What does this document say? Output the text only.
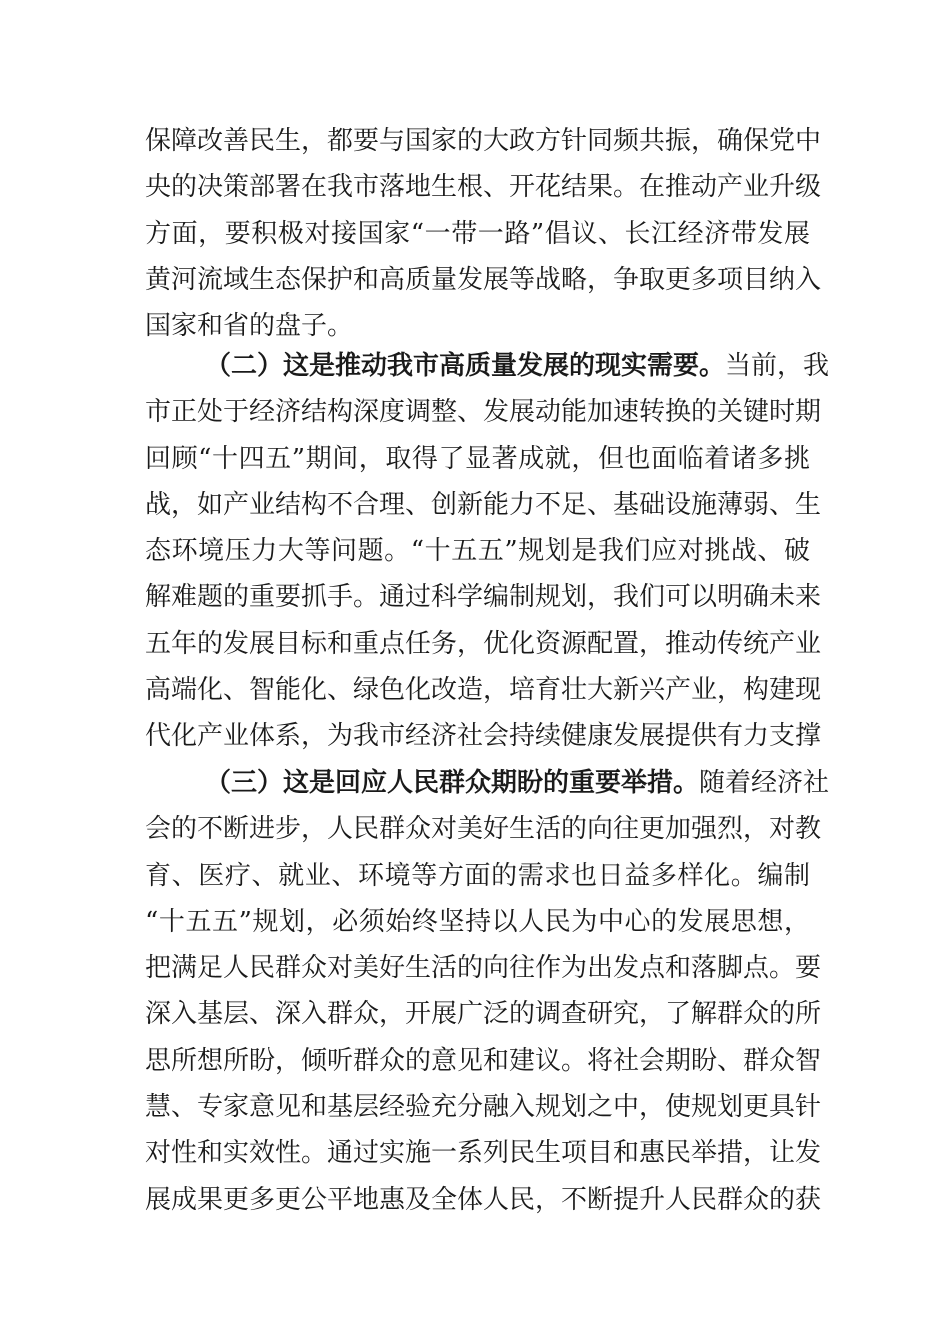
保障改善民生，都要与国家的大政方针同频共振，确保党中
央的决策部署在我市落地生根、开花结果。在推动产业升级
方面，要积极对接国家“一带一路”倡议、长江经济带发展
黄河流域生态保护和高质量发展等战略，争取更多项目纳入
国家和省的盘子。
（二）这是推动我市高质量发展的现实需要。当前，我
市正处于经济结构深度调整、发展动能加速转换的关键时期
回顾“十四五”期间，取得了显著成就，但也面临着诸多挑
战，如产业结构不合理、创新能力不足、基础设施薄弱、生
态环境压力大等问题。“十五五”规划是我们应对挑战、破
解难题的重要抓手。通过科学编制规划，我们可以明确未来
五年的发展目标和重点任务，优化资源配置，推动传统产业
高端化、智能化、绿色化改造，培育壮大新兴产业，构建现
代化产业体系，为我市经济社会持续健康发展提供有力支撑
（三）这是回应人民群众期盼的重要举措。随着经济社
会的不断进步，人民群众对美好生活的向往更加强烈，对教
育、医疗、就业、环境等方面的需求也日益多样化。编制
“十五五”规划，必须始终坚持以人民为中心的发展思想，
把满足人民群众对美好生活的向往作为出发点和落脚点。要
深入基层、深入群众，开展广泛的调查研究，了解群众的所
思所想所盼，倾听群众的意见和建议。将社会期盼、群众智
慧、专家意见和基层经验充分融入规划之中，使规划更具针
对性和实效性。通过实施一系列民生项目和惠民举措，让发
展成果更多更公平地惠及全体人民，不断提升人民群众的获
